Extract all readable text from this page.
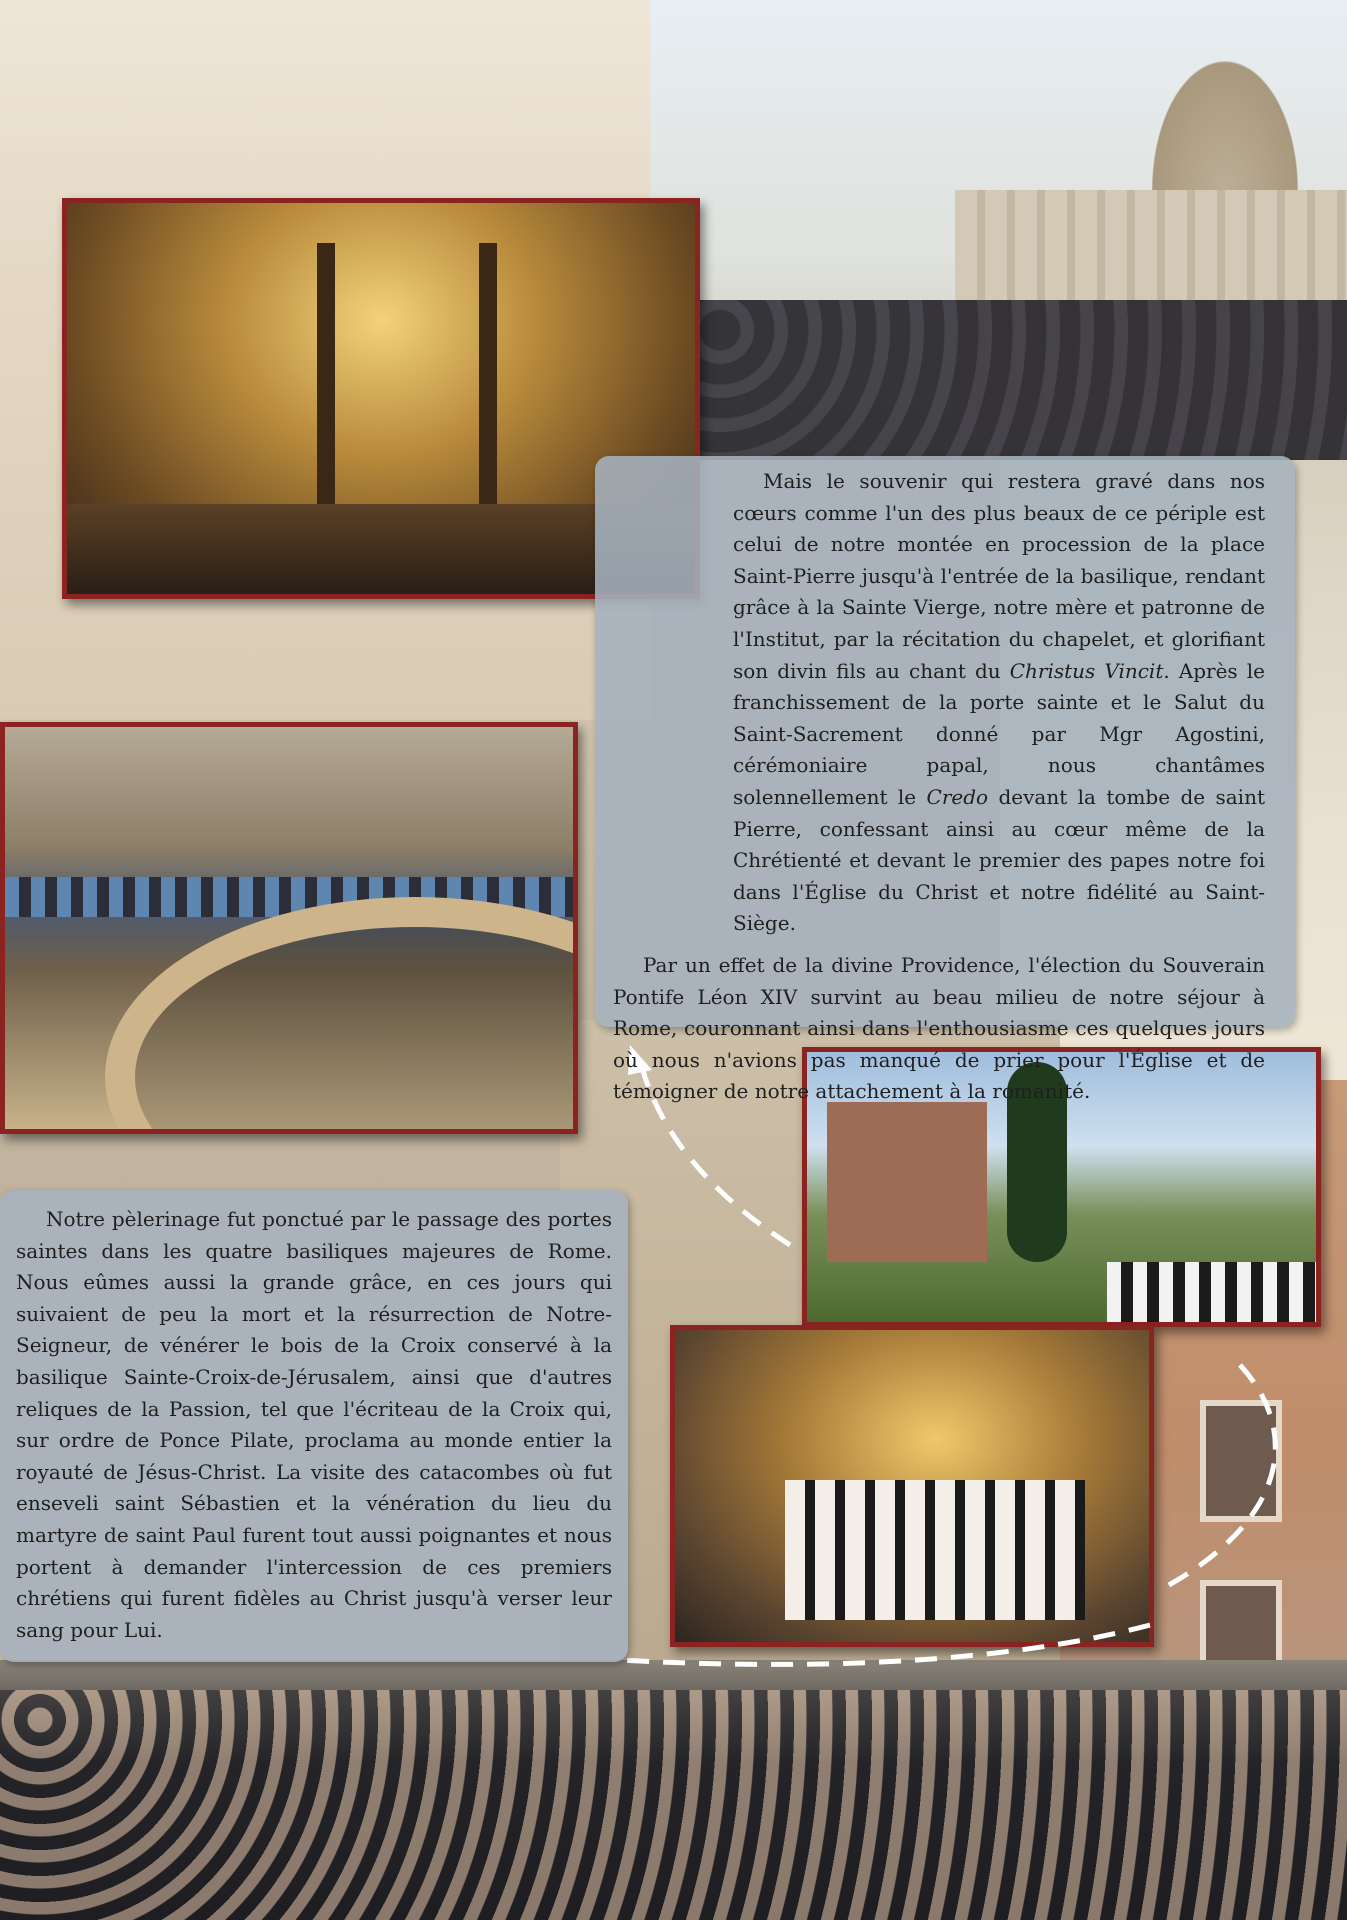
Mais le souvenir qui restera gravé dans nos cœurs comme l'un des plus beaux de ce périple est celui de notre montée en procession de la place Saint-Pierre jusqu'à l'entrée de la basilique, rendant grâce à la Sainte Vierge, notre mère et patronne de l'Institut, par la récitation du chapelet, et glorifiant son divin fils au chant du Christus Vincit. Après le franchissement de la porte sainte et le Salut du Saint-Sacrement donné par Mgr Agostini, cérémoniaire papal, nous chantâmes solennellement le Credo devant la tombe de saint Pierre, confessant ainsi au cœur même de la Chrétienté et devant le premier des papes notre foi dans l'Église du Christ et notre fidélité au Saint-Siège.

Par un effet de la divine Providence, l'élection du Souverain Pontife Léon XIV survint au beau milieu de notre séjour à Rome, couronnant ainsi dans l'enthousiasme ces quelques jours où nous n'avions pas manqué de prier pour l'Église et de témoigner de notre attachement à la romanité.

Notre pèlerinage fut ponctué par le passage des portes saintes dans les quatre basiliques majeures de Rome. Nous eûmes aussi la grande grâce, en ces jours qui suivaient de peu la mort et la résurrection de Notre-Seigneur, de vénérer le bois de la Croix conservé à la basilique Sainte-Croix-de-Jérusalem, ainsi que d'autres reliques de la Passion, tel que l'écriteau de la Croix qui, sur ordre de Ponce Pilate, proclama au monde entier la royauté de Jésus-Christ. La visite des catacombes où fut enseveli saint Sébastien et la vénération du lieu du martyre de saint Paul furent tout aussi poignantes et nous portent à demander l'intercession de ces premiers chrétiens qui furent fidèles au Christ jusqu'à verser leur sang pour Lui.
